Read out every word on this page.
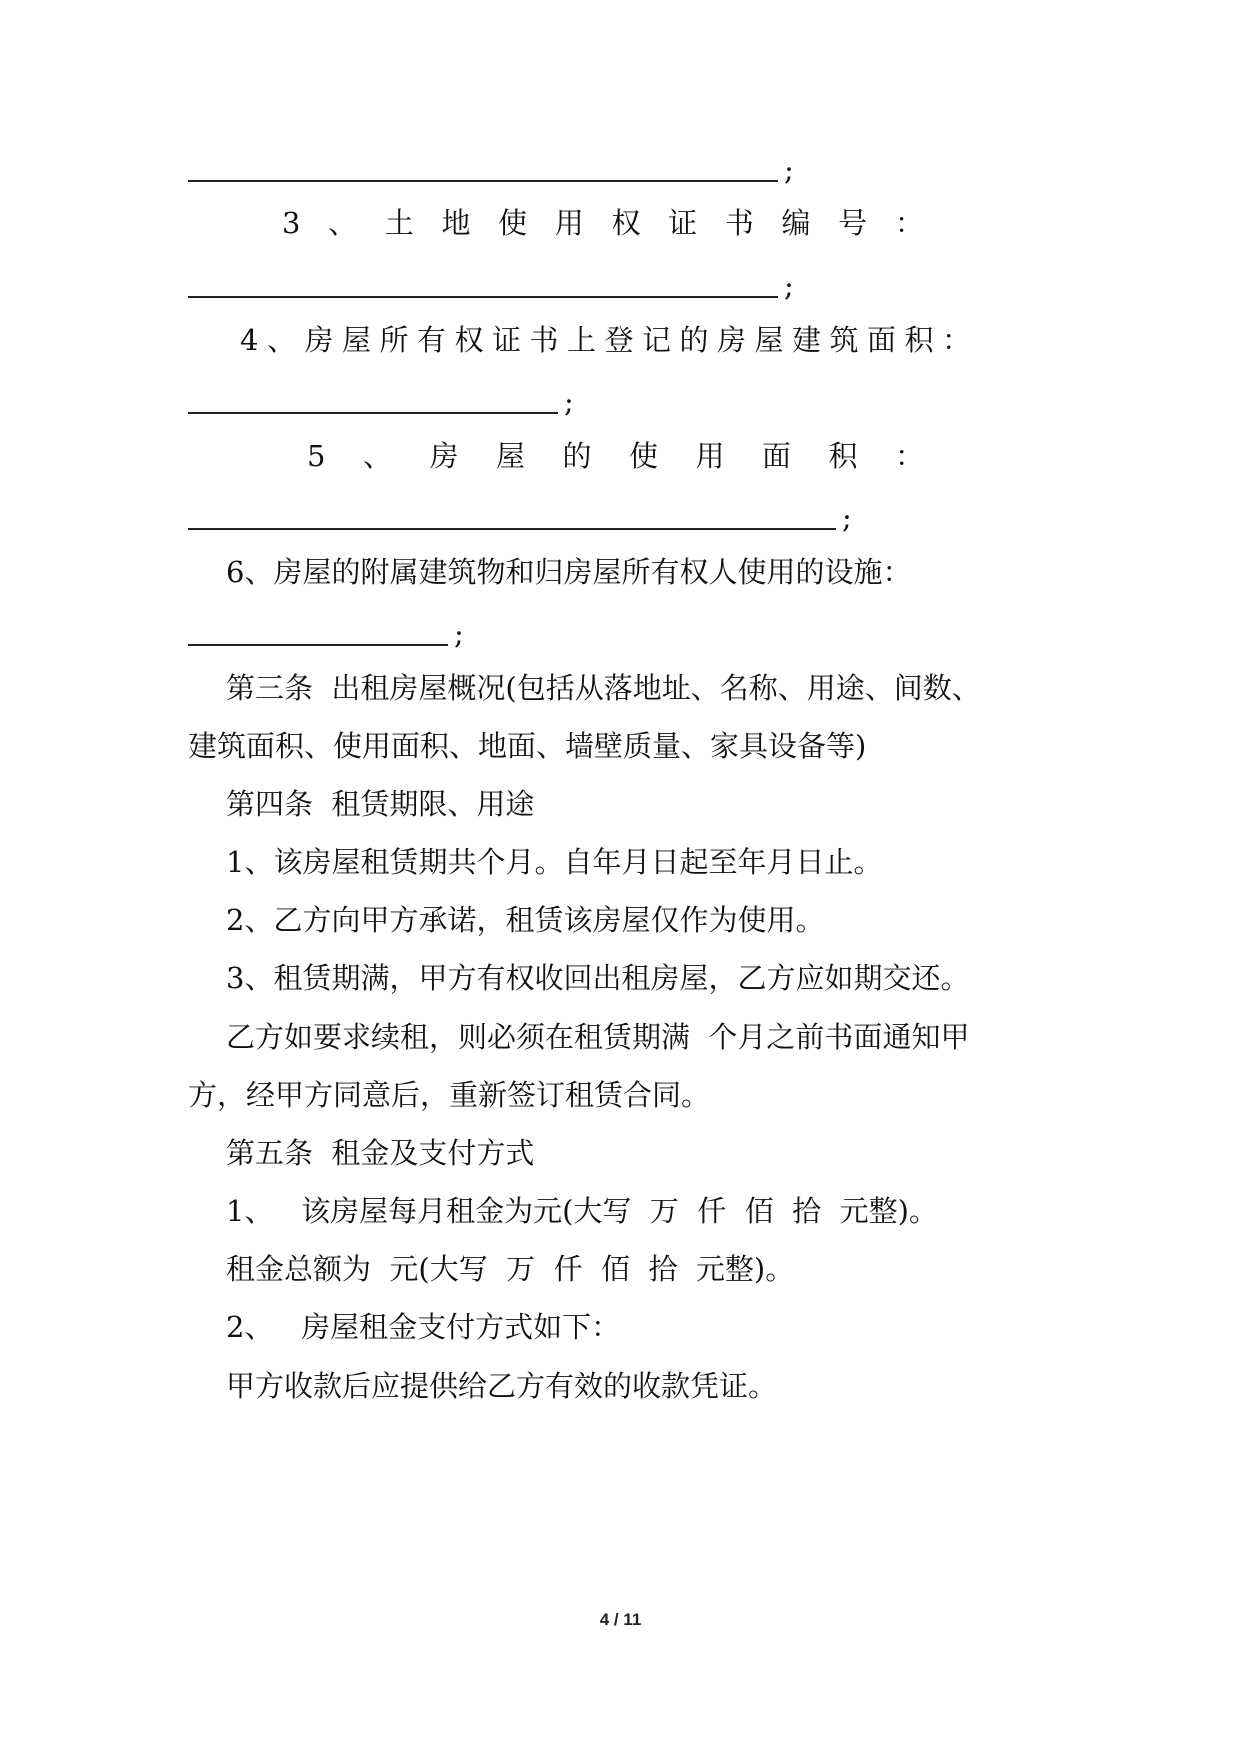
;
3 、 土 地 使 用 权 证 书 编 号 ：
;
4、房屋所有权证书上登记的房屋建筑面积：
;
5 、 房 屋 的 使 用 面 积 ：
;
6、房屋的附属建筑物和归房屋所有权人使用的设施：
;
第三条  出租房屋概况(包括从落地址、名称、用途、间数、
建筑面积、使用面积、地面、墙壁质量、家具设备等)
第四条  租赁期限、用途
1、该房屋租赁期共个月。自年月日起至年月日止。
2、乙方向甲方承诺，租赁该房屋仅作为使用。
3、租赁期满，甲方有权收回出租房屋，乙方应如期交还。
乙方如要求续租，则必须在租赁期满  个月之前书面通知甲
方，经甲方同意后，重新签订租赁合同。
第五条  租金及支付方式
1、   该房屋每月租金为元(大写  万  仟  佰  拾  元整)。
租金总额为  元(大写  万  仟  佰  拾  元整)。
2、   房屋租金支付方式如下：
甲方收款后应提供给乙方有效的收款凭证。
4 / 11
